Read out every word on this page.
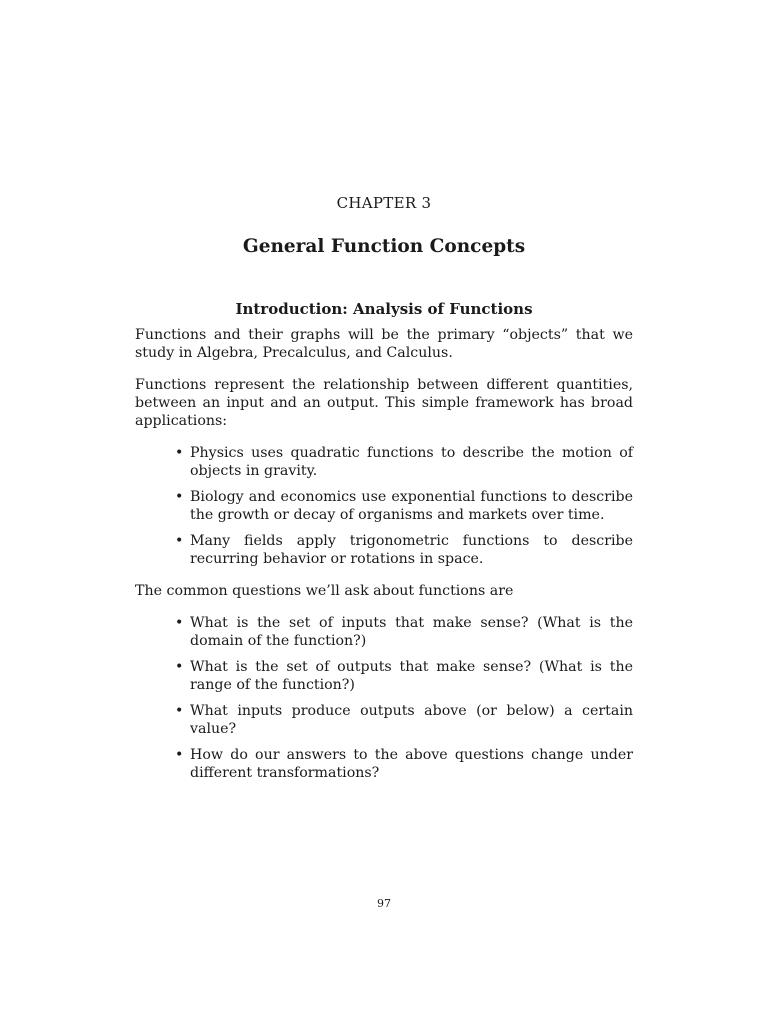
CHAPTER 3
General Function Concepts
Introduction: Analysis of Functions

Functions and their graphs will be the primary “objects” that we study in Algebra, Precalculus, and Calculus.

Functions represent the relationship between different quantities, between an input and an output. This simple framework has broad applications:

• Physics uses quadratic functions to describe the motion of objects in gravity.
• Biology and economics use exponential functions to describe the growth or decay of organisms and markets over time.
• Many fields apply trigonometric functions to describe recurring behavior or rotations in space.

The common questions we’ll ask about functions are

• What is the set of inputs that make sense? (What is the domain of the function?)
• What is the set of outputs that make sense? (What is the range of the function?)
• What inputs produce outputs above (or below) a certain value?
• How do our answers to the above questions change under different transformations?
97
